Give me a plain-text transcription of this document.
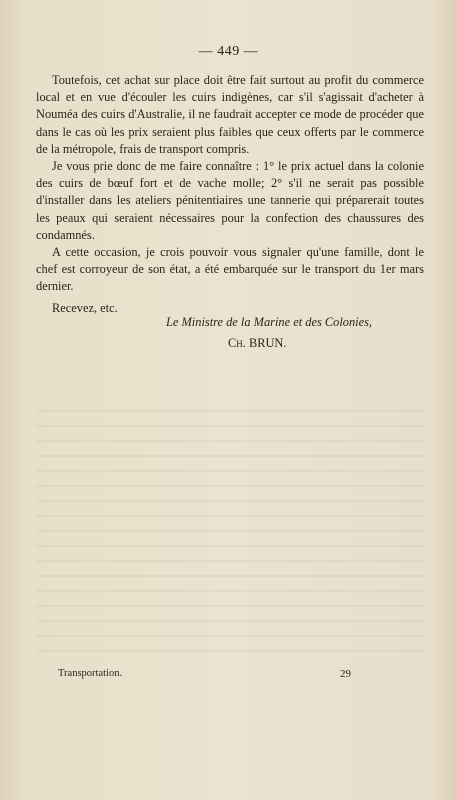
— 449 —

Toutefois, cet achat sur place doit être fait surtout au profit du commerce local et en vue d'écouler les cuirs indigènes, car s'il s'agissait d'acheter à Nouméa des cuirs d'Australie, il ne faudrait accepter ce mode de procéder que dans le cas où les prix seraient plus faibles que ceux offerts par le commerce de la métropole, frais de transport compris.

Je vous prie donc de me faire connaître : 1° le prix actuel dans la colonie des cuirs de bœuf fort et de vache molle; 2° s'il ne serait pas possible d'installer dans les ateliers pénitentiaires une tannerie qui préparerait toutes les peaux qui seraient nécessaires pour la confection des chaussures des condamnés.

A cette occasion, je crois pouvoir vous signaler qu'une famille, dont le chef est corroyeur de son état, a été embarquée sur le transport du 1er mars dernier.

Recevez, etc.

Le Ministre de la Marine et des Colonies,
Ch. BRUN.
Transportation.	29
